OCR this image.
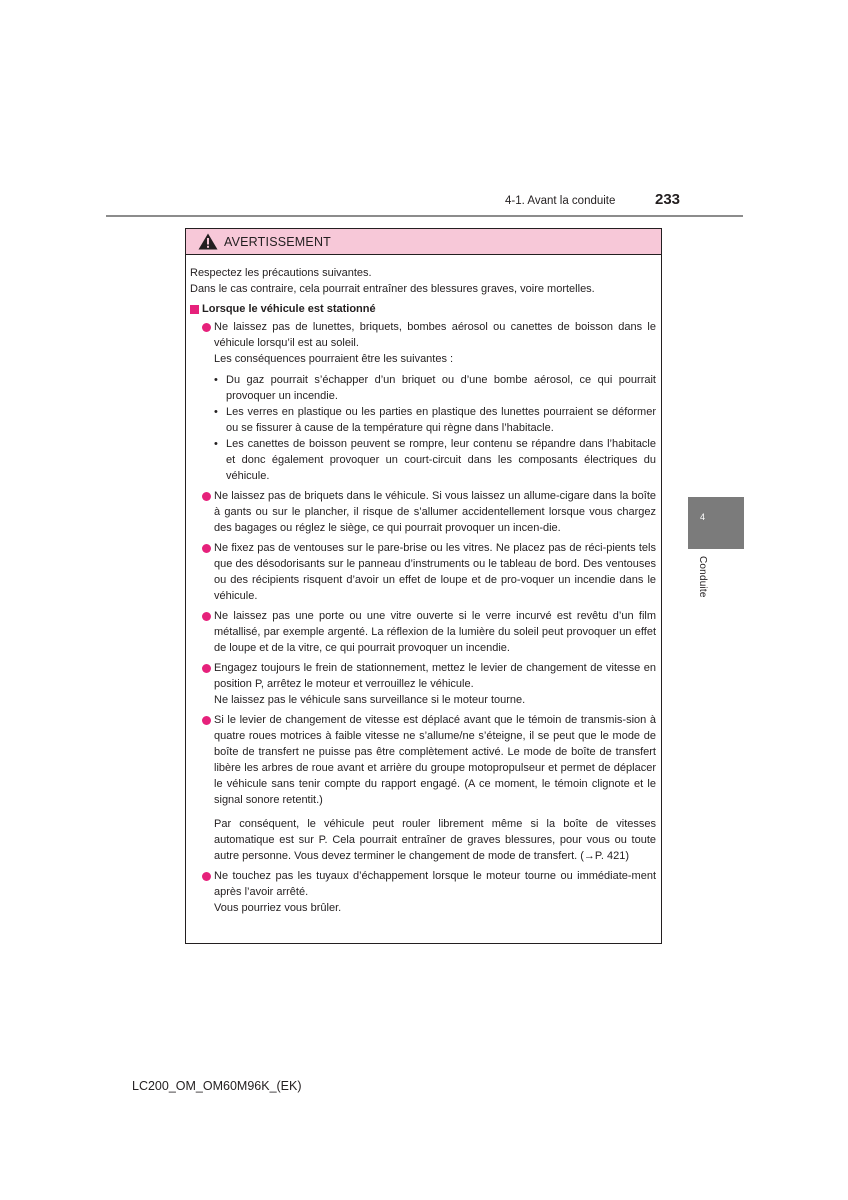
4-1. Avant la conduite	233
4
Conduite
AVERTISSEMENT

Respectez les précautions suivantes.

Dans le cas contraire, cela pourrait entraîner des blessures graves, voire mortelles.

Lorsque le véhicule est stationné

Ne laissez pas de lunettes, briquets, bombes aérosol ou canettes de boisson dans le véhicule lorsqu’il est au soleil.

Les conséquences pourraient être les suivantes :

• Du gaz pourrait s’échapper d’un briquet ou d’une bombe aérosol, ce qui pourrait provoquer un incendie.
• Les verres en plastique ou les parties en plastique des lunettes pourraient se déformer ou se fissurer à cause de la température qui règne dans l’habitacle.
• Les canettes de boisson peuvent se rompre, leur contenu se répandre dans l’habitacle et donc également provoquer un court-circuit dans les composants électriques du véhicule.

Ne laissez pas de briquets dans le véhicule. Si vous laissez un allume-cigare dans la boîte à gants ou sur le plancher, il risque de s’allumer accidentellement lorsque vous chargez des bagages ou réglez le siège, ce qui pourrait provoquer un incen-die.

Ne fixez pas de ventouses sur le pare-brise ou les vitres. Ne placez pas de réci-pients tels que des désodorisants sur le panneau d’instruments ou le tableau de bord. Des ventouses ou des récipients risquent d’avoir un effet de loupe et de pro-voquer un incendie dans le véhicule.

Ne laissez pas une porte ou une vitre ouverte si le verre incurvé est revêtu d’un film métallisé, par exemple argenté. La réflexion de la lumière du soleil peut provoquer un effet de loupe et de la vitre, ce qui pourrait provoquer un incendie.

Engagez toujours le frein de stationnement, mettez le levier de changement de vitesse en position P, arrêtez le moteur et verrouillez le véhicule.

Ne laissez pas le véhicule sans surveillance si le moteur tourne.

Si le levier de changement de vitesse est déplacé avant que le témoin de transmis-sion à quatre roues motrices à faible vitesse ne s’allume/ne s’éteigne, il se peut que le mode de boîte de transfert ne puisse pas être complètement activé. Le mode de boîte de transfert libère les arbres de roue avant et arrière du groupe motopropulseur et permet de déplacer le véhicule sans tenir compte du rapport engagé. (A ce moment, le témoin clignote et le signal sonore retentit.)

Par conséquent, le véhicule peut rouler librement même si la boîte de vitesses automatique est sur P. Cela pourrait entraîner de graves blessures, pour vous ou toute autre personne. Vous devez terminer le changement de mode de transfert. (→P. 421)

Ne touchez pas les tuyaux d’échappement lorsque le moteur tourne ou immédiate-ment après l’avoir arrêté.

Vous pourriez vous brûler.

LC200_OM_OM60M96K_(EK)
